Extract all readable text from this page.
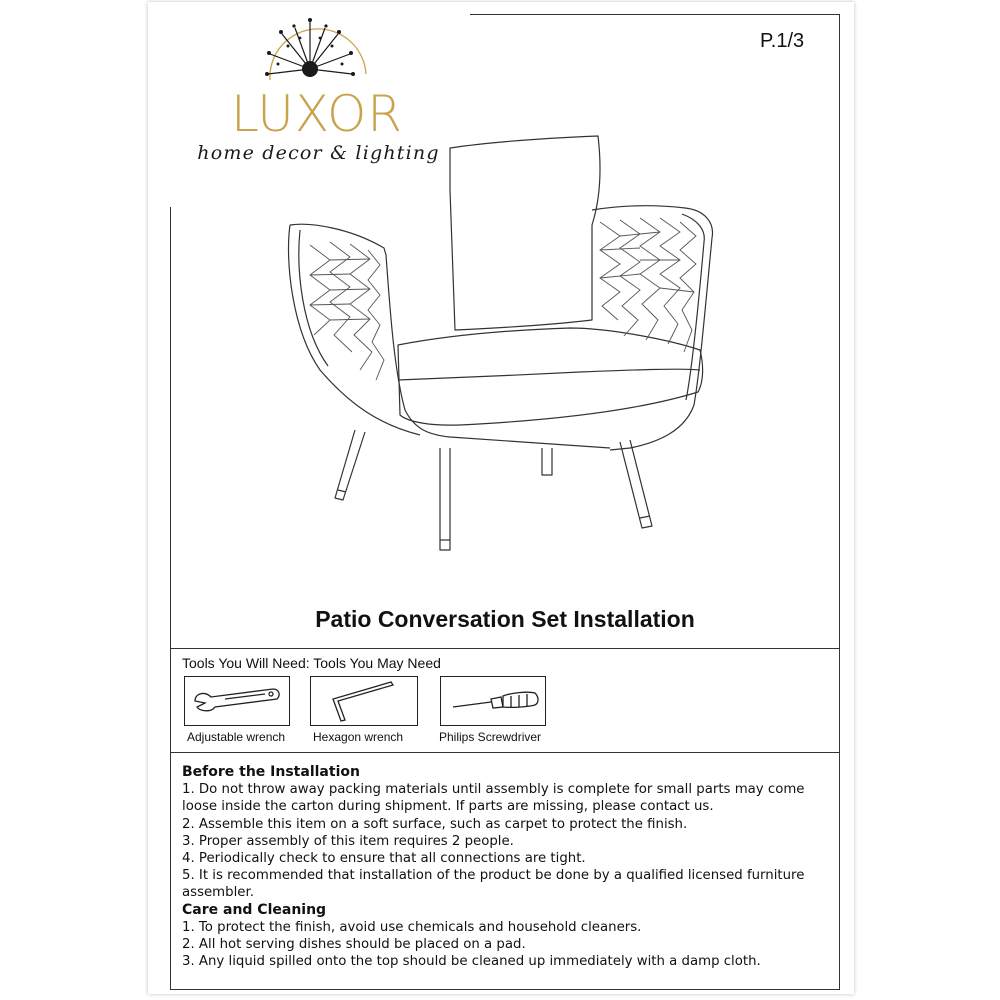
LUXOR
home decor & lighting
P.1/3
Patio Conversation Set Installation
Tools You Will Need: Tools You May Need
Adjustable wrench Hexagon wrench	Philips Screwdriver
Before the Installation
1. Do not throw away packing materials until assembly is complete for small parts may come
loose inside the carton during shipment. If parts are missing, please contact us.
2. Assemble this item on a soft surface, such as carpet to protect the finish.
3. Proper assembly of this item requires 2 people.
4. Periodically check to ensure that all connections are tight.
5. It is recommended that installation of the product be done by a qualified licensed furniture
assembler.
Care and Cleaning
1. To protect the finish, avoid use chemicals and household cleaners.
2. All hot serving dishes should be placed on a pad.
3. Any liquid spilled onto the top should be cleaned up immediately with a damp cloth.
